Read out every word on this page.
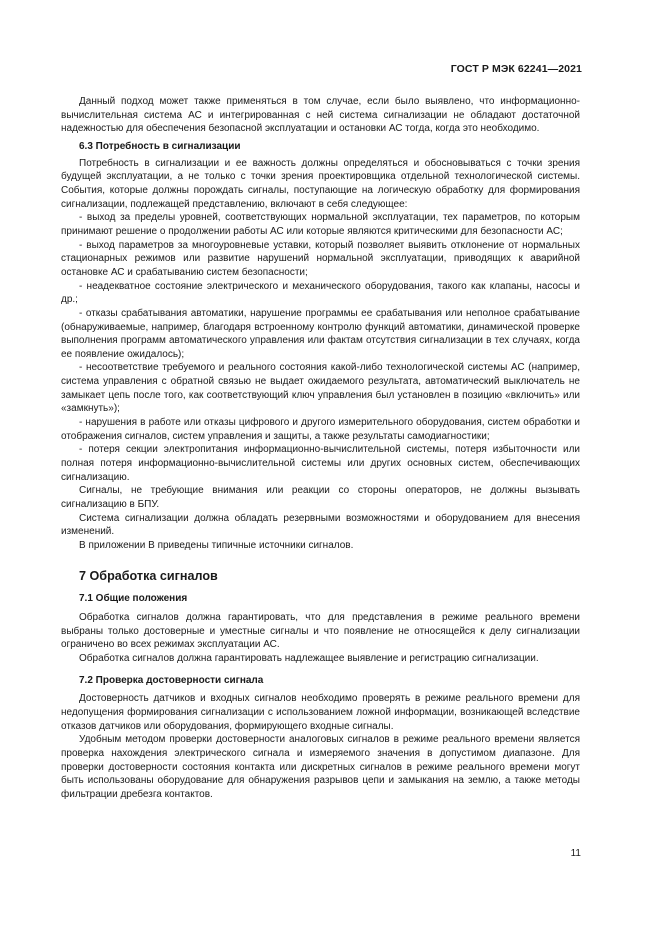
ГОСТ Р МЭК 62241—2021

Данный подход может также применяться в том случае, если было выявлено, что информационно-вычислительная система АС и интегрированная с ней система сигнализации не обладают достаточной надежностью для обеспечения безопасной эксплуатации и остановки АС тогда, когда это необходимо.

6.3 Потребность в сигнализации

Потребность в сигнализации и ее важность должны определяться и обосновываться с точки зрения будущей эксплуатации, а не только с точки зрения проектировщика отдельной технологической системы. События, которые должны порождать сигналы, поступающие на логическую обработку для формирования сигнализации, подлежащей представлению, включают в себя следующее:

- выход за пределы уровней, соответствующих нормальной эксплуатации, тех параметров, по которым принимают решение о продолжении работы АС или которые являются критическими для безопасности АС;

- выход параметров за многоуровневые уставки, который позволяет выявить отклонение от нормальных стационарных режимов или развитие нарушений нормальной эксплуатации, приводящих к аварийной остановке АС и срабатыванию систем безопасности;

- неадекватное состояние электрического и механического оборудования, такого как клапаны, насосы и др.;

- отказы срабатывания автоматики, нарушение программы ее срабатывания или неполное срабатывание (обнаруживаемые, например, благодаря встроенному контролю функций автоматики, динамической проверке выполнения программ автоматического управления или фактам отсутствия сигнализации в тех случаях, когда ее появление ожидалось);

- несоответствие требуемого и реального состояния какой-либо технологической системы АС (например, система управления с обратной связью не выдает ожидаемого результата, автоматический выключатель не замыкает цепь после того, как соответствующий ключ управления был установлен в позицию «включить» или «замкнуть»);

- нарушения в работе или отказы цифрового и другого измерительного оборудования, систем обработки и отображения сигналов, систем управления и защиты, а также результаты самодиагностики;

- потеря секции электропитания информационно-вычислительной системы, потеря избыточности или полная потеря информационно-вычислительной системы или других основных систем, обеспечивающих сигнализацию.

Сигналы, не требующие внимания или реакции со стороны операторов, не должны вызывать сигнализацию в БПУ.

Система сигнализации должна обладать резервными возможностями и оборудованием для внесения изменений.

В приложении В приведены типичные источники сигналов.

7 Обработка сигналов

7.1 Общие положения

Обработка сигналов должна гарантировать, что для представления в режиме реального времени выбраны только достоверные и уместные сигналы и что появление не относящейся к делу сигнализации ограничено во всех режимах эксплуатации АС.

Обработка сигналов должна гарантировать надлежащее выявление и регистрацию сигнализации.

7.2 Проверка достоверности сигнала

Достоверность датчиков и входных сигналов необходимо проверять в режиме реального времени для недопущения формирования сигнализации с использованием ложной информации, возникающей вследствие отказов датчиков или оборудования, формирующего входные сигналы.

Удобным методом проверки достоверности аналоговых сигналов в режиме реального времени является проверка нахождения электрического сигнала и измеряемого значения в допустимом диапазоне. Для проверки достоверности состояния контакта или дискретных сигналов в режиме реального времени могут быть использованы оборудование для обнаружения разрывов цепи и замыкания на землю, а также методы фильтрации дребезга контактов.

11
